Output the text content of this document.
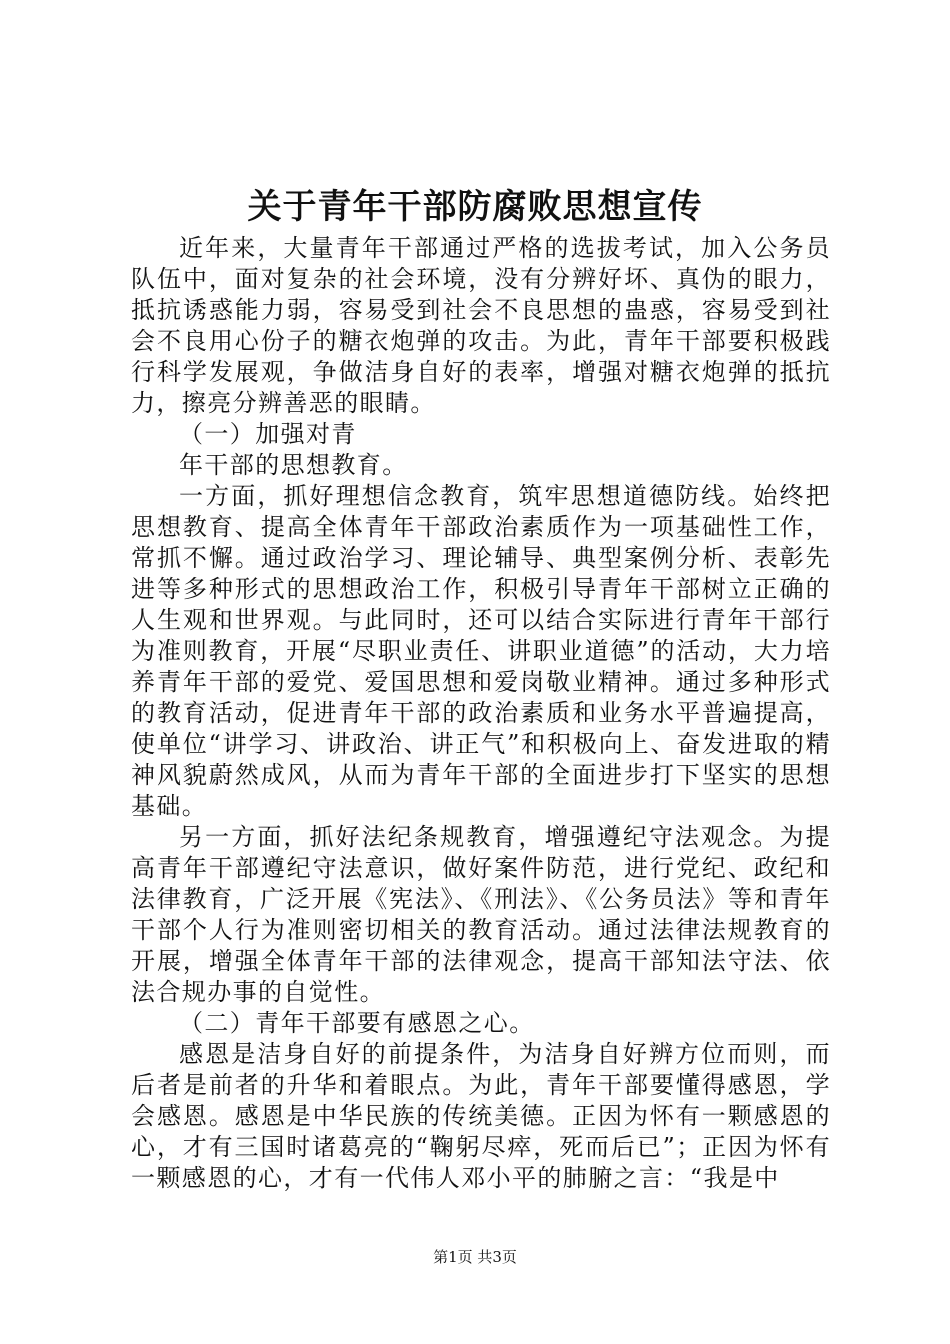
关于青年干部防腐败思想宣传

近年来，大量青年干部通过严格的选拔考试，加入公务员队伍中，面对复杂的社会环境，没有分辨好坏、真伪的眼力，抵抗诱惑能力弱，容易受到社会不良思想的蛊惑，容易受到社会不良用心份子的糖衣炮弹的攻击。为此，青年干部要积极践行科学发展观，争做洁身自好的表率，增强对糖衣炮弹的抵抗力，擦亮分辨善恶的眼睛。

（一）加强对青

年干部的思想教育。

一方面，抓好理想信念教育，筑牢思想道德防线。始终把思想教育、提高全体青年干部政治素质作为一项基础性工作，常抓不懈。通过政治学习、理论辅导、典型案例分析、表彰先进等多种形式的思想政治工作，积极引导青年干部树立正确的人生观和世界观。与此同时，还可以结合实际进行青年干部行为准则教育，开展“尽职业责任、讲职业道德”的活动，大力培养青年干部的爱党、爱国思想和爱岗敬业精神。通过多种形式的教育活动，促进青年干部的政治素质和业务水平普遍提高，使单位“讲学习、讲政治、讲正气”和积极向上、奋发进取的精神风貌蔚然成风，从而为青年干部的全面进步打下坚实的思想基础。

另一方面，抓好法纪条规教育，增强遵纪守法观念。为提高青年干部遵纪守法意识，做好案件防范，进行党纪、政纪和法律教育，广泛开展《宪法》、《刑法》、《公务员法》等和青年干部个人行为准则密切相关的教育活动。通过法律法规教育的开展，增强全体青年干部的法律观念，提高干部知法守法、依法合规办事的自觉性。

（二）青年干部要有感恩之心。

感恩是洁身自好的前提条件，为洁身自好辨方位而则，而后者是前者的升华和着眼点。为此，青年干部要懂得感恩，学会感恩。感恩是中华民族的传统美德。正因为怀有一颗感恩的心，才有三国时诸葛亮的“鞠躬尽瘁，死而后已”；正因为怀有一颗感恩的心，才有一代伟人邓小平的肺腑之言：“我是中

第1页 共3页
